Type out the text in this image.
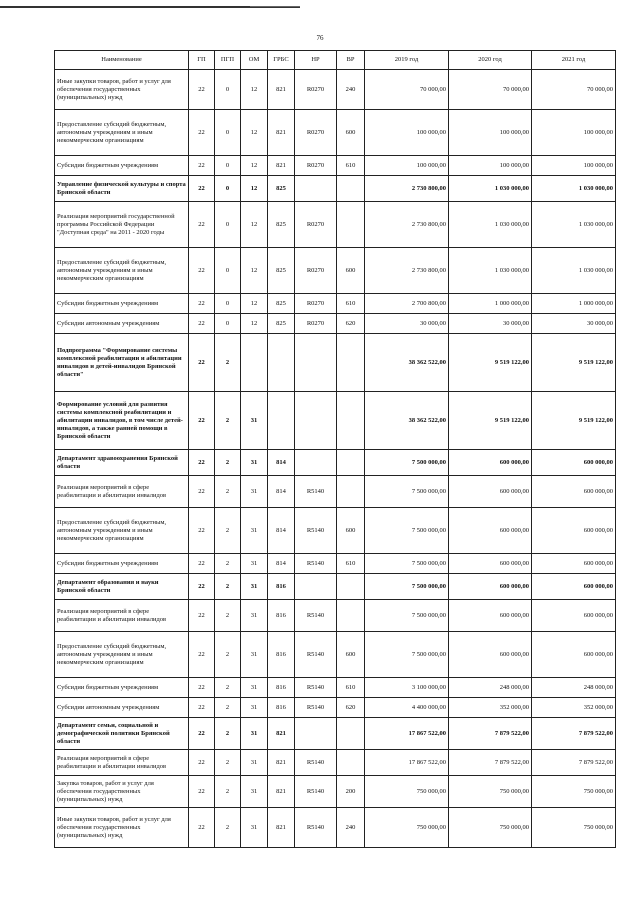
76
Наименование	ГП	ПГП	ОМ	ГРБС	НР	ВР	2019 год	2020 год	2021 год
Иные закупки товаров, работ и услуг для обеспечения государственных (муниципальных) нужд	22	0	12	821	R0270	240	70 000,00	70 000,00	70 000,00
Предоставление субсидий бюджетным, автономным учреждениям и иным некоммерческим организациям	22	0	12	821	R0270	600	100 000,00	100 000,00	100 000,00
Субсидии бюджетным учреждениям	22	0	12	821	R0270	610	100 000,00	100 000,00	100 000,00
Управление физической культуры и спорта Брянской области	22	0	12	825			2 730 800,00	1 030 000,00	1 030 000,00
Реализация мероприятий государственной программы Российской Федерации "Доступная среда" на 2011 - 2020 годы	22	0	12	825	R0270		2 730 800,00	1 030 000,00	1 030 000,00
Предоставление субсидий бюджетным, автономным учреждениям и иным некоммерческим организациям	22	0	12	825	R0270	600	2 730 800,00	1 030 000,00	1 030 000,00
Субсидии бюджетным учреждениям	22	0	12	825	R0270	610	2 700 800,00	1 000 000,00	1 000 000,00
Субсидии автономным учреждениям	22	0	12	825	R0270	620	30 000,00	30 000,00	30 000,00
Подпрограмма "Формирование системы комплексной реабилитации и абилитации инвалидов и детей-инвалидов Брянской области"	22	2					38 362 522,00	9 519 122,00	9 519 122,00
Формирование условий для развития системы комплексной реабилитации и абилитации инвалидов, в том числе детей-инвалидов, а также ранней помощи в Брянской области	22	2	31				38 362 522,00	9 519 122,00	9 519 122,00
Департамент здравоохранения Брянской области	22	2	31	814			7 500 000,00	600 000,00	600 000,00
Реализация мероприятий в сфере реабилитации и абилитации инвалидов	22	2	31	814	R5140		7 500 000,00	600 000,00	600 000,00
Предоставление субсидий бюджетным, автономным учреждениям и иным некоммерческим организациям	22	2	31	814	R5140	600	7 500 000,00	600 000,00	600 000,00
Субсидии бюджетным учреждениям	22	2	31	814	R5140	610	7 500 000,00	600 000,00	600 000,00
Департамент образования и науки Брянской области	22	2	31	816			7 500 000,00	600 000,00	600 000,00
Реализация мероприятий в сфере реабилитации и абилитации инвалидов	22	2	31	816	R5140		7 500 000,00	600 000,00	600 000,00
Предоставление субсидий бюджетным, автономным учреждениям и иным некоммерческим организациям	22	2	31	816	R5140	600	7 500 000,00	600 000,00	600 000,00
Субсидии бюджетным учреждениям	22	2	31	816	R5140	610	3 100 000,00	248 000,00	248 000,00
Субсидии автономным учреждениям	22	2	31	816	R5140	620	4 400 000,00	352 000,00	352 000,00
Департамент семьи, социальной и демографической политики Брянской области	22	2	31	821			17 867 522,00	7 879 522,00	7 879 522,00
Реализация мероприятий в сфере реабилитации и абилитации инвалидов	22	2	31	821	R5140		17 867 522,00	7 879 522,00	7 879 522,00
Закупка товаров, работ и услуг для обеспечения государственных (муниципальных) нужд	22	2	31	821	R5140	200	750 000,00	750 000,00	750 000,00
Иные закупки товаров, работ и услуг для обеспечения государственных (муниципальных) нужд	22	2	31	821	R5140	240	750 000,00	750 000,00	750 000,00
